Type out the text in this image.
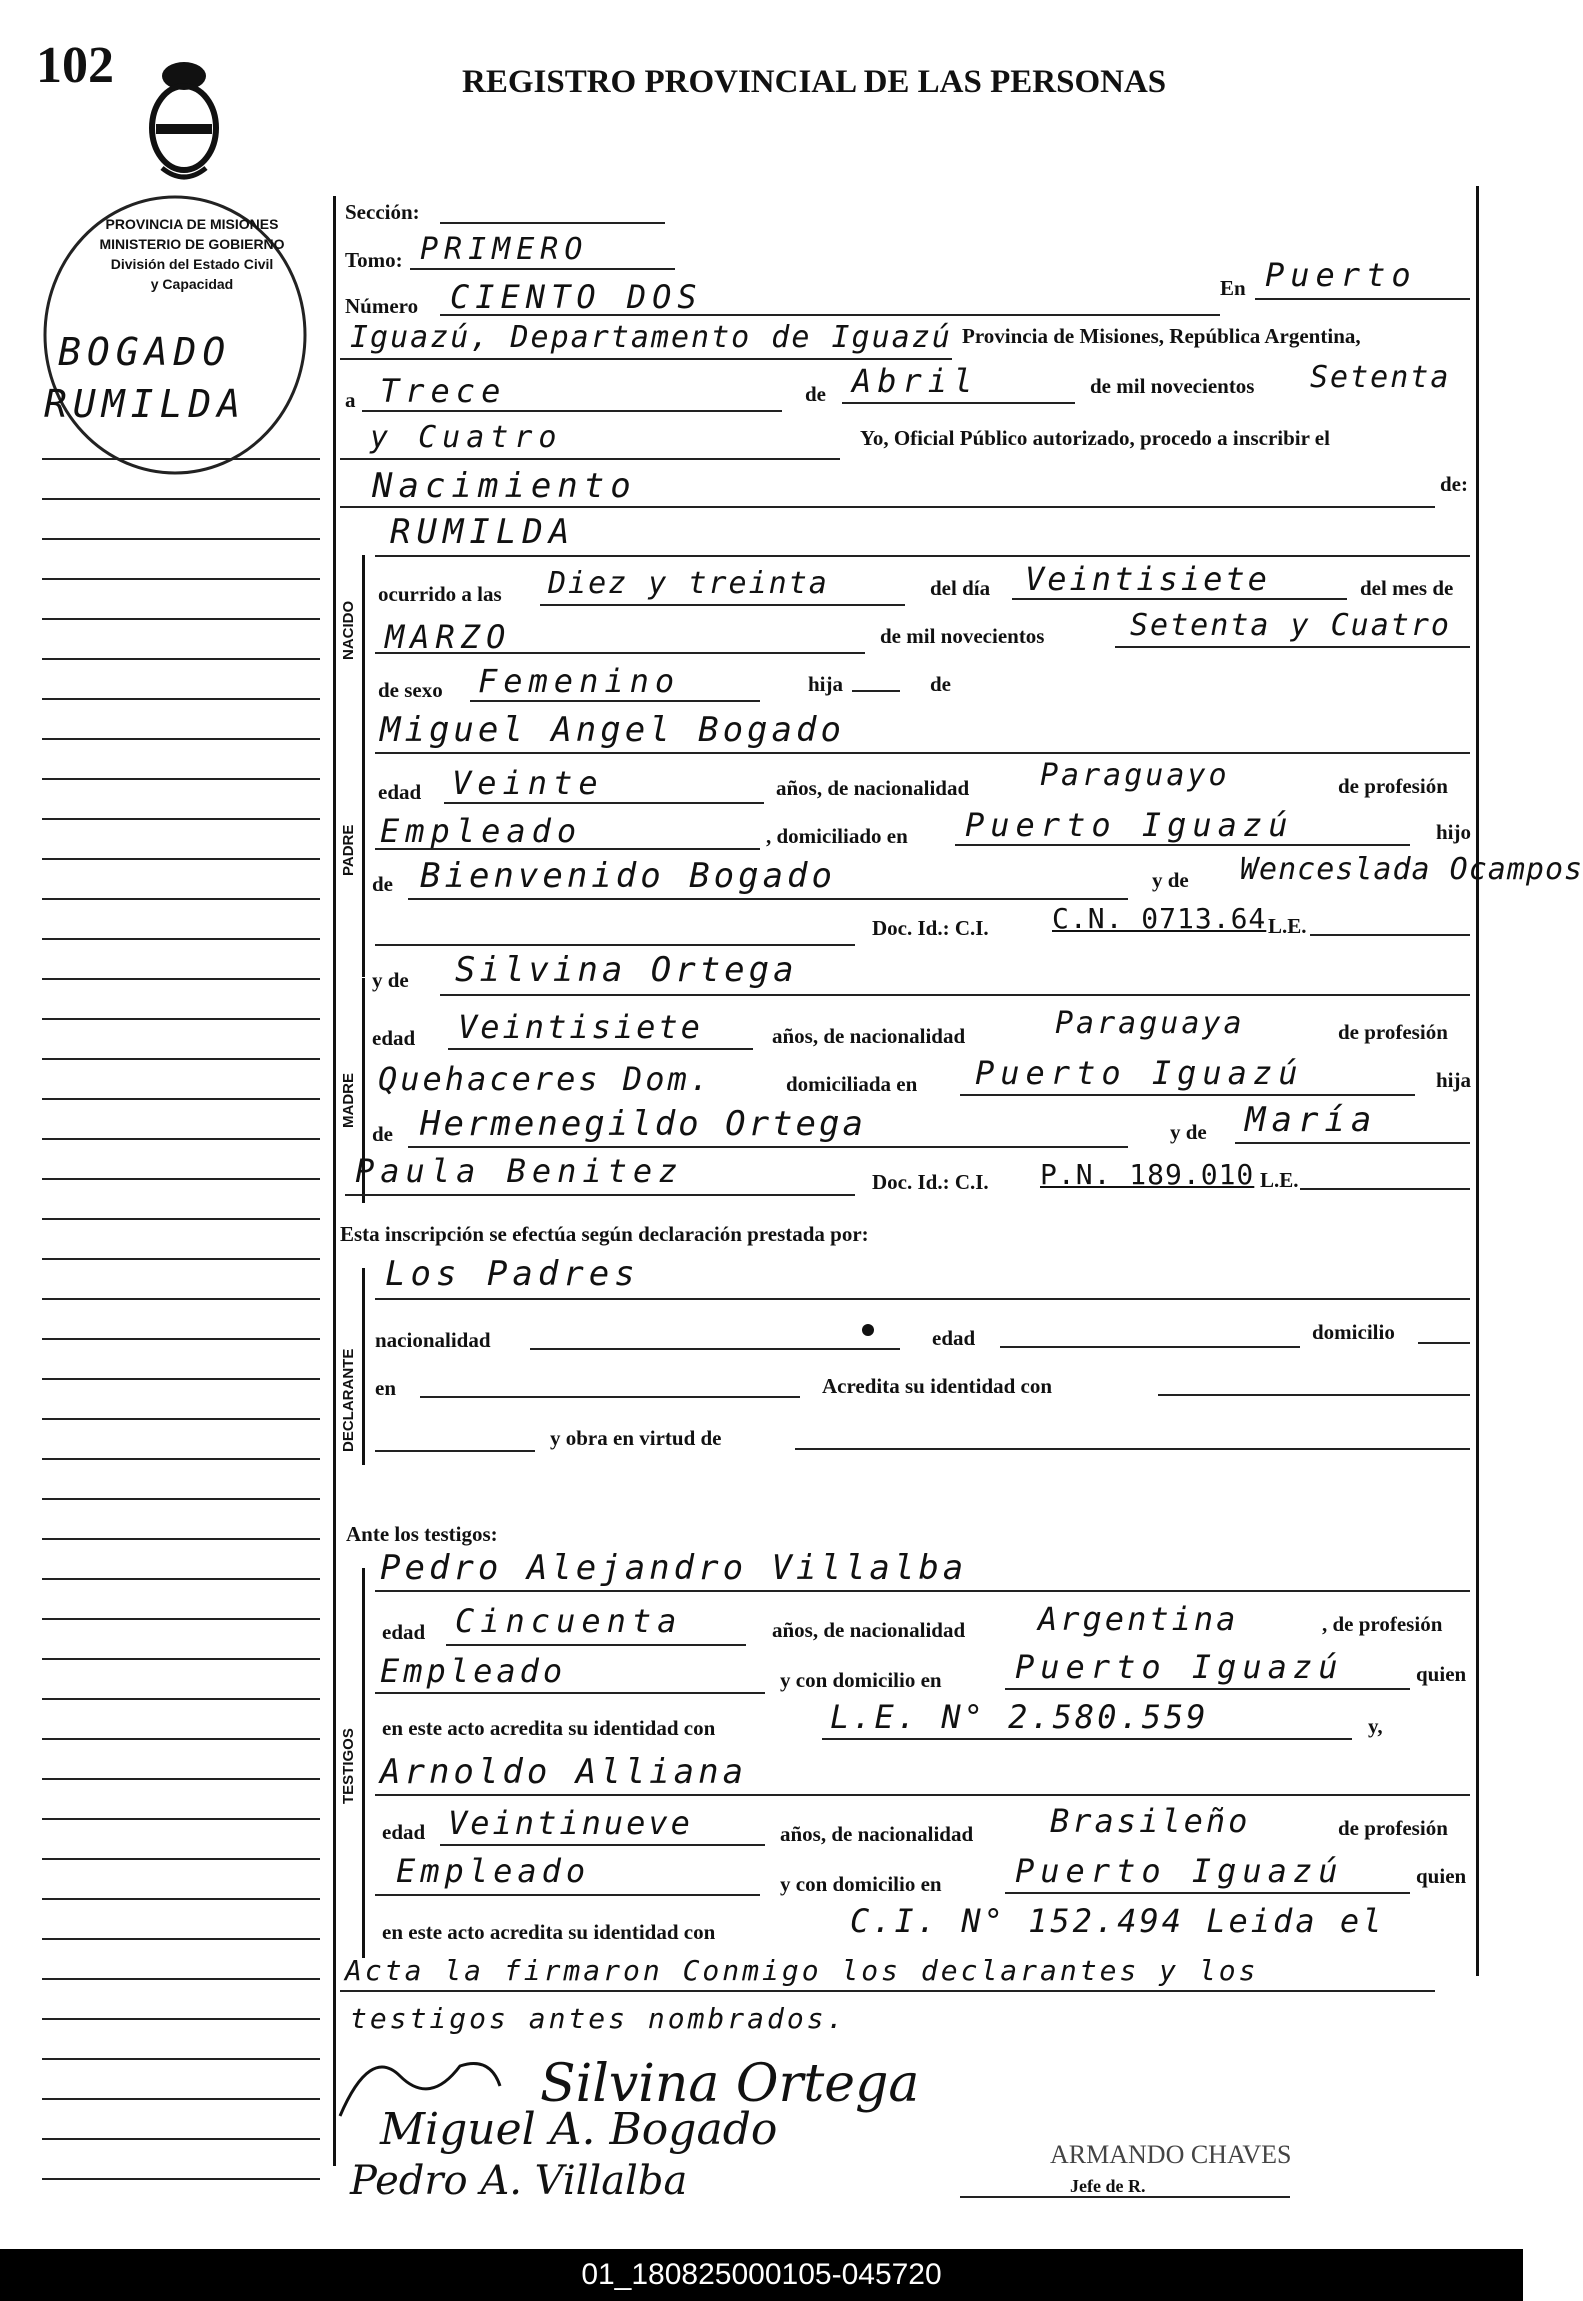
102	REGISTRO PROVINCIAL DE LAS PERSONAS
PROVINCIA DE MISIONES
MINISTERIO DE GOBIERNO
División del Estado Civil
y Capacidad
BOGADO
RUMILDA
Sección:
Tomo: PRIMERO
Número CIENTO DOS	En Puerto
Iguazú, Departamento de Iguazú Provincia de Misiones, República Argentina,
a Trece	de Abril	de mil novecientos Setenta
y Cuatro	Yo, Oficial Público autorizado, procedo a inscribir el
Nacimiento	de:
NACIDO
RUMILDA
ocurrido a las Diez y treinta	del día Veintisiete	del mes de
MARZO	de mil novecientos	Setenta y Cuatro
de sexo Femenino	hija	de
PADRE
Miguel Angel Bogado
edad Veinte	años, de nacionalidad Paraguayo	de profesión
Empleado	, domiciliado en Puerto Iguazú	hijo
de Bienvenido Bogado	y de Wenceslada Ocampos
Doc. Id.: C.I. C.N. 0713.64 L.E.
MADRE
y de Silvina Ortega
edad Veintisiete	años, de nacionalidad	Paraguaya	de profesión
Quehaceres Dom.	domiciliada en Puerto Iguazú	hija
de Hermenegildo Ortega	y de María
Paula Benitez	Doc. Id.: C.I. P.N. 189.010 L.E.
Esta inscripción se efectúa según declaración prestada por:
DECLARANTE
Los Padres
nacionalidad	edad	domicilio
en	Acredita su identidad con
y obra en virtud de
Ante los testigos:
TESTIGOS
Pedro Alejandro Villalba
edad Cincuenta	años, de nacionalidad Argentina	, de profesión
Empleado	y con domicilio en Puerto Iguazú	quien
en este acto acredita su identidad con	L.E. N° 2.580.559	y,
Arnoldo Alliana
edad Veintinueve	años, de nacionalidad Brasileño	de profesión
Empleado	y con domicilio en Puerto Iguazú	quien
en este acto acredita su identidad con	C.I. N° 152.494 Leida el
Acta la firmaron Conmigo los declarantes y los
testigos antes nombrados.
Silvina Ortega
Miguel A. Bogado
Pedro A. Villalba
ARMANDO CHAVES
Jefe de R.
01_180825000105-045720
